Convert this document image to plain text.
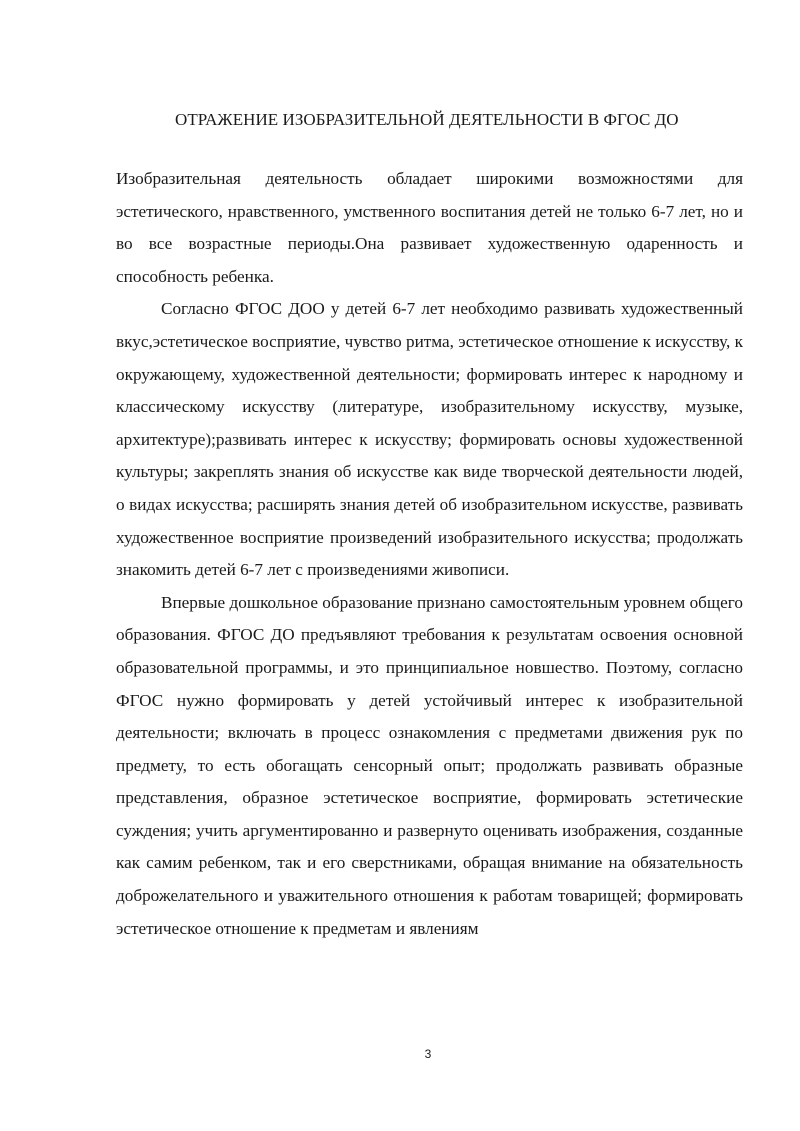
ОТРАЖЕНИЕ ИЗОБРАЗИТЕЛЬНОЙ ДЕЯТЕЛЬНОСТИ В ФГОС ДО

Изобразительная деятельность обладает широкими возможностями для эстетического, нравственного, умственного воспитания детей не только 6-7 лет, но и во все возрастные периоды.Она развивает художественную одаренность и способность ребенка.

Согласно ФГОС ДОО у детей 6-7 лет необходимо развивать художественный вкус,эстетическое восприятие, чувство ритма, эстетическое отношение к искусству, к окружающему, художественной деятельности; формировать интерес к народному и классическому искусству (литературе, изобразительному искусству, музыке, архитектуре);развивать интерес к искусству; формировать основы художественной культуры; закреплять знания об искусстве как виде творческой деятельности людей, о видах искусства; расширять знания детей об изобразительном искусстве, развивать художественное восприятие произведений изобразительного искусства; продолжать знакомить детей 6-7 лет с произведениями живописи.

Впервые дошкольное образование признано самостоятельным уровнем общего образования. ФГОС ДО предъявляют требования к результатам освоения основной образовательной программы, и это принципиальное новшество. Поэтому, согласно ФГОС нужно формировать у детей устойчивый интерес к изобразительной деятельности; включать в процесс ознакомления с предметами движения рук по предмету, то есть обогащать сенсорный опыт; продолжать развивать образные представления, образное эстетическое восприятие, формировать эстетические суждения; учить аргументированно и развернуто оценивать изображения, созданные как самим ребенком, так и его сверстниками, обращая внимание на обязательность доброжелательного и уважительного отношения к работам товарищей; формировать эстетическое отношение к предметам и явлениям

3
